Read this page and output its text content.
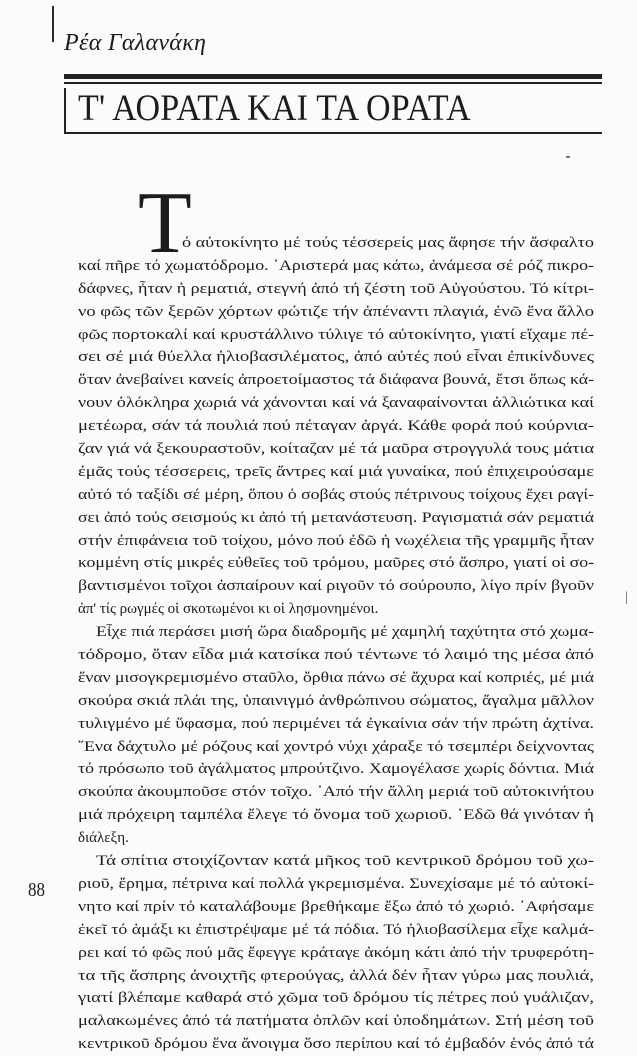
Ρέα Γαλανάκη
Τ' ΑΟΡΑΤΑ ΚΑΙ ΤΑ ΟΡΑΤΑ
Τ
ό αὐτοκίνητο μέ τούς τέσσερείς μας ἄφησε τήν ἄσφαλτο
καί πῆρε τό χωματόδρομο. ᾿Αριστερά μας κάτω, ἀνάμεσα σέ ρόζ πικρο-
δάφνες, ἦταν ἡ ρεματιά, στεγνή ἀπό τή ζέστη τοῦ Αὐγούστου. Τό κίτρι-
νο φῶς τῶν ξερῶν χόρτων φώτιζε τήν ἀπέναντι πλαγιά, ἐνῶ ἕνα ἄλλο
φῶς πορτοκαλί καί κρυστάλλινο τύλιγε τό αὐτοκίνητο, γιατί εἴχαμε πέ-
σει σέ μιά θύελλα ἡλιοβασιλέματος, ἀπό αὐτές πού εἶναι ἐπικίνδυνες
ὅταν ἀνεβαίνει κανείς ἀπροετοίμαστος τά διάφανα βουνά, ἔτσι ὅπως κά-
νουν ὁλόκληρα χωριά νά χάνονται καί νά ξαναφαίνονται ἀλλιώτικα καί
μετέωρα, σάν τά πουλιά πού πέταγαν ἀργά. Κάθε φορά πού κούρνια-
ζαν γιά νά ξεκουραστοῦν, κοίταζαν μέ τά μαῦρα στρογγυλά τους μάτια
ἐμᾶς τούς τέσσερεις, τρεῖς ἄντρες καί μιά γυναίκα, πού ἐπιχειρούσαμε
αὐτό τό ταξίδι σέ μέρη, ὅπου ὁ σοβάς στούς πέτρινους τοίχους ἔχει ραγί-
σει ἀπό τούς σεισμούς κι ἀπό τή μετανάστευση. Ραγισματιά σάν ρεματιά
στήν ἐπιφάνεια τοῦ τοίχου, μόνο πού ἐδῶ ἡ νωχέλεια τῆς γραμμῆς ἦταν
κομμένη στίς μικρές εὐθεῖες τοῦ τρόμου, μαῦρες στό ἄσπρο, γιατί οἱ σο-
βαντισμένοι τοῖχοι ἀσπαίρουν καί ριγοῦν τό σούρουπο, λίγο πρίν βγοῦν
ἀπ' τίς ρωγμές οἱ σκοτωμένοι κι οἱ λησμονημένοι.
Εἶχε πιά περάσει μισή ὥρα διαδρομῆς μέ χαμηλή ταχύτητα στό χωμα-
τόδρομο, ὅταν εἶδα μιά κατσίκα πού τέντωνε τό λαιμό της μέσα ἀπό
ἕναν μισογκρεμισμένο σταῦλο, ὄρθια πάνω σέ ἄχυρα καί κοπριές, μέ μιά
σκούρα σκιά πλάι της, ὑπαινιγμό ἀνθρώπινου σώματος, ἄγαλμα μᾶλλον
τυλιγμένο μέ ὕφασμα, πού περιμένει τά ἐγκαίνια σάν τήν πρώτη ἀχτίνα.
῞Ενα δάχτυλο μέ ρόζους καί χοντρό νύχι χάραξε τό τσεμπέρι δείχνοντας
τό πρόσωπο τοῦ ἀγάλματος μπρούτζινο. Χαμογέλασε χωρίς δόντια. Μιά
σκούπα ἀκουμποῦσε στόν τοῖχο. ᾿Από τήν ἄλλη μεριά τοῦ αὐτοκινήτου
μιά πρόχειρη ταμπέλα ἔλεγε τό ὄνομα τοῦ χωριοῦ. ᾿Εδῶ θά γινόταν ἡ
διάλεξη.
Τά σπίτια στοιχίζονταν κατά μῆκος τοῦ κεντρικοῦ δρόμου τοῦ χω-
ριοῦ, ἔρημα, πέτρινα καί πολλά γκρεμισμένα. Συνεχίσαμε μέ τό αὐτοκί-
νητο καί πρίν τό καταλάβουμε βρεθήκαμε ἔξω ἀπό τό χωριό. ᾿Αφήσαμε
ἐκεῖ τό ἁμάξι κι ἐπιστρέψαμε μέ τά πόδια. Τό ἡλιοβασίλεμα εἶχε καλμά-
ρει καί τό φῶς πού μᾶς ἔφεγγε κράταγε ἀκόμη κάτι ἀπό τήν τρυφερότη-
τα τῆς ἄσπρης ἀνοιχτῆς φτερούγας, ἀλλά δέν ἦταν γύρω μας πουλιά,
γιατί βλέπαμε καθαρά στό χῶμα τοῦ δρόμου τίς πέτρες πού γυάλιζαν,
μαλακωμένες ἀπό τά πατήματα ὁπλῶν καί ὑποδημάτων. Στή μέση τοῦ
κεντρικοῦ δρόμου ἕνα ἄνοιγμα ὅσο περίπου καί τό ἐμβαδόν ἑνός ἀπό τά
88
|
